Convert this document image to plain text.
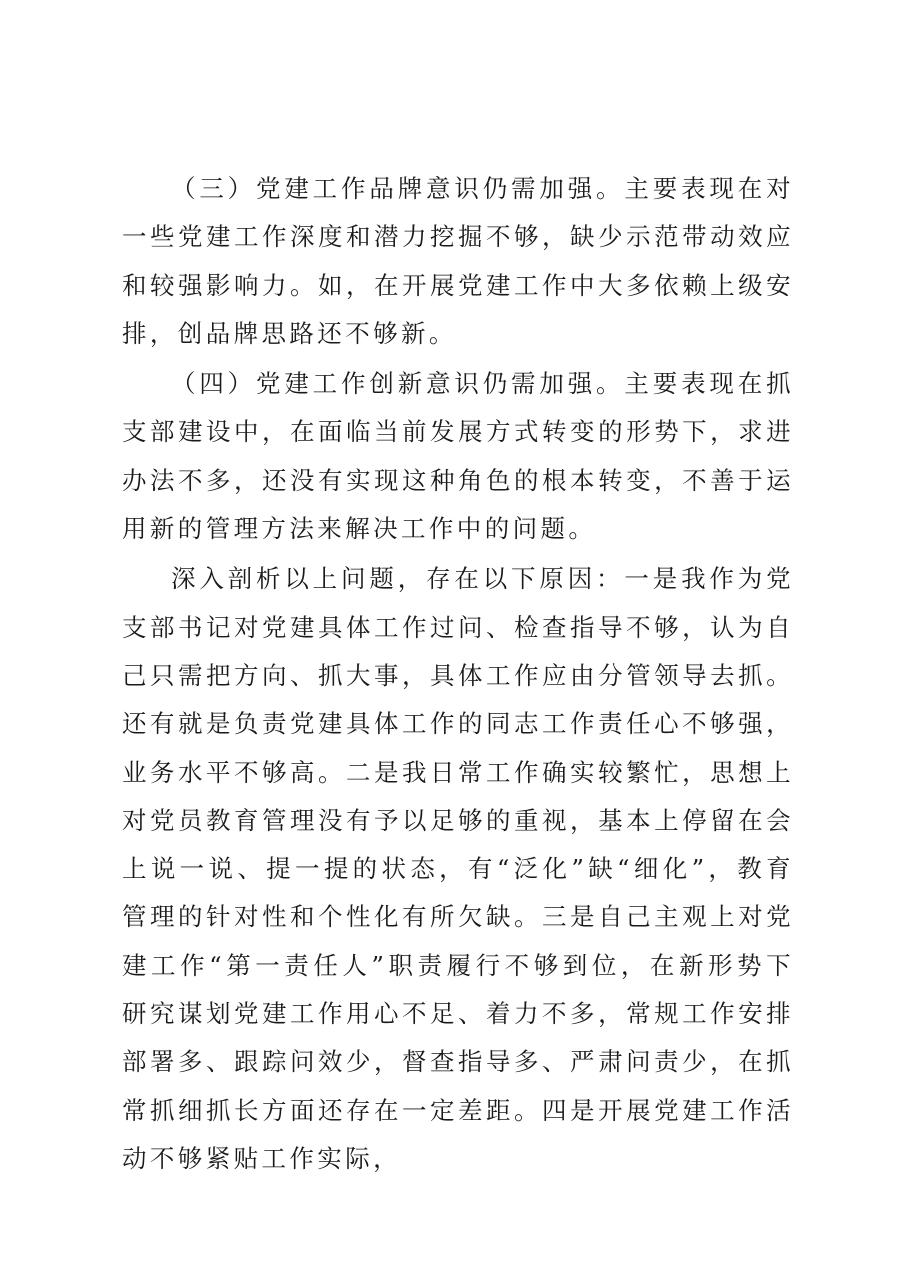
（三）党建工作品牌意识仍需加强。主要表现在对一些党建工作深度和潜力挖掘不够，缺少示范带动效应和较强影响力。如，在开展党建工作中大多依赖上级安排，创品牌思路还不够新。

（四）党建工作创新意识仍需加强。主要表现在抓支部建设中，在面临当前发展方式转变的形势下，求进办法不多，还没有实现这种角色的根本转变，不善于运用新的管理方法来解决工作中的问题。

深入剖析以上问题，存在以下原因：一是我作为党支部书记对党建具体工作过问、检查指导不够，认为自己只需把方向、抓大事，具体工作应由分管领导去抓。还有就是负责党建具体工作的同志工作责任心不够强，业务水平不够高。二是我日常工作确实较繁忙，思想上对党员教育管理没有予以足够的重视，基本上停留在会上说一说、提一提的状态，有“泛化”缺“细化”，教育管理的针对性和个性化有所欠缺。三是自己主观上对党建工作“第一责任人”职责履行不够到位，在新形势下研究谋划党建工作用心不足、着力不多，常规工作安排部署多、跟踪问效少，督查指导多、严肃问责少，在抓常抓细抓长方面还存在一定差距。四是开展党建工作活动不够紧贴工作实际，
